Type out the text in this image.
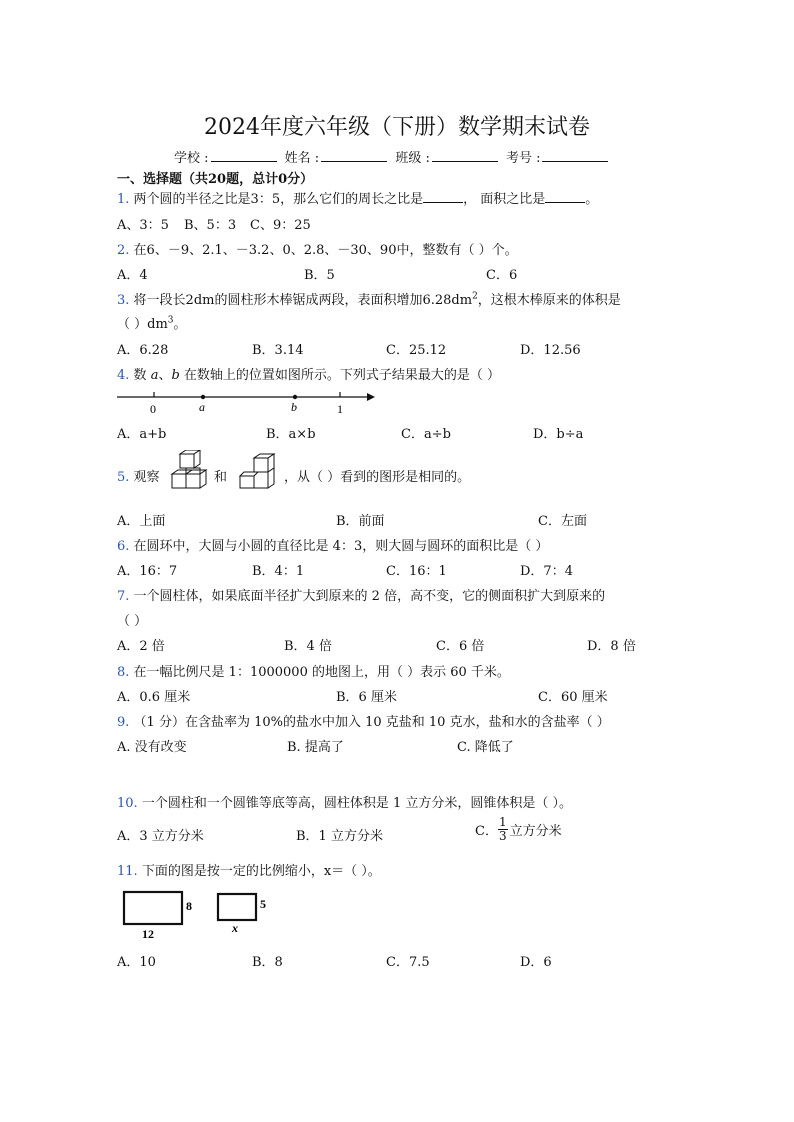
2024年度六年级（下册）数学期末试卷
学校 :	姓名 :	班级 :	考号 :
一、选择题（共20题，总计0分）
1. 两个圆的半径之比是3：5，那么它们的周长之比是	， 面积之比是	。
A、3：5 B、5：3 C、9：25
2. 在6、－9、2.1、－3.2、0、2.8、－30、90中，整数有（ ）个。
A．4	B．5	C．6
3. 将一段长2dm的圆柱形木棒锯成两段，表面积增加$6.28dm^2$，这根木棒原来的体积是
（ ）$dm^3$。
A．6.28	B．3.14	C．25.12	D．12.56
4. 数 a、b 在数轴上的位置如图所示。下列式子结果最大的是（ ）
0	a	b	1
A．a+b	B．a×b	C．a÷b	D．b÷a
5. 观察	和	，从（ ）看到的图形是相同的。
A．上面	B．前面	C．左面
6. 在圆环中，大圆与小圆的直径比是 4：3，则大圆与圆环的面积比是（ ）
A．16：7	B．4：1	C．16：1	D．7：4
7. 一个圆柱体，如果底面半径扩大到原来的 2 倍，高不变，它的侧面积扩大到原来的
（ ）
A．2 倍	B．4 倍	C．6 倍	D．8 倍
8. 在一幅比例尺是 1：1000000 的地图上，用（ ）表示 60 千米。
A．0.6 厘米	B．6 厘米	C．60 厘米
9. （1 分）在含盐率为 10%的盐水中加入 10 克盐和 10 克水，盐和水的含盐率（ ）
A. 没有改变	B. 提高了	C. 降低了
10. 一个圆柱和一个圆锥等底等高，圆柱体积是 1 立方分米，圆锥体积是（ ）。
A．3 立方分米	B．1 立方分米	C． $\frac{1}{3}$ 立方分米
11. 下面的图是按一定的比例缩小，x＝（ ）。
8
12
5
x
A．10	B．8	C．7.5	D．6
